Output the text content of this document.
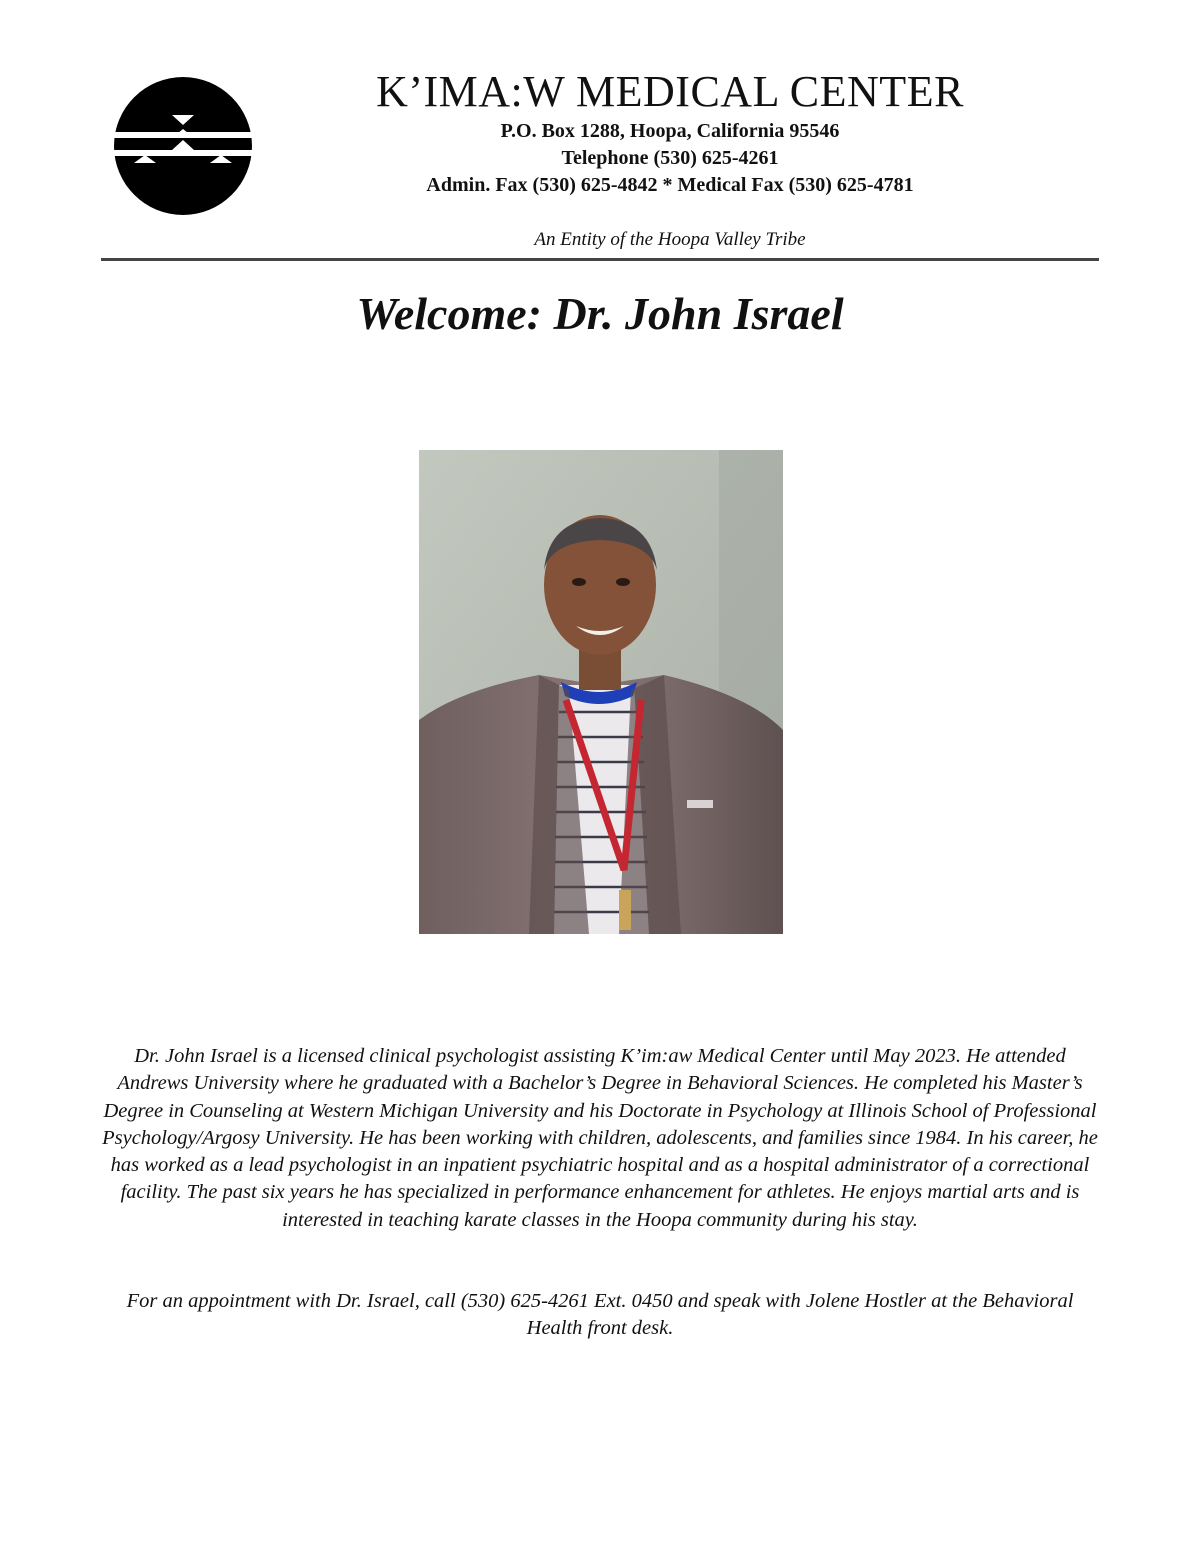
K’IMA:W MEDICAL CENTER
P.O. Box 1288, Hoopa, California 95546
Telephone (530) 625-4261
Admin. Fax (530) 625-4842 * Medical Fax (530) 625-4781
An Entity of the Hoopa Valley Tribe
Welcome: Dr. John Israel

Dr. John Israel is a licensed clinical psychologist assisting K’im:aw Medical Center until May 2023. He attended Andrews University where he graduated with a Bachelor’s Degree in Behavioral Sciences. He completed his Master’s Degree in Counseling at Western Michigan University and his Doctorate in Psychology at Illinois School of Professional Psychology/Argosy University. He has been working with children, adolescents, and families since 1984. In his career, he has worked as a lead psychologist in an inpatient psychiatric hospital and as a hospital administrator of a correctional facility. The past six years he has specialized in performance enhancement for athletes. He enjoys martial arts and is interested in teaching karate classes in the Hoopa community during his stay.

For an appointment with Dr. Israel, call (530) 625-4261 Ext. 0450 and speak with Jolene Hostler at the Behavioral Health front desk.
